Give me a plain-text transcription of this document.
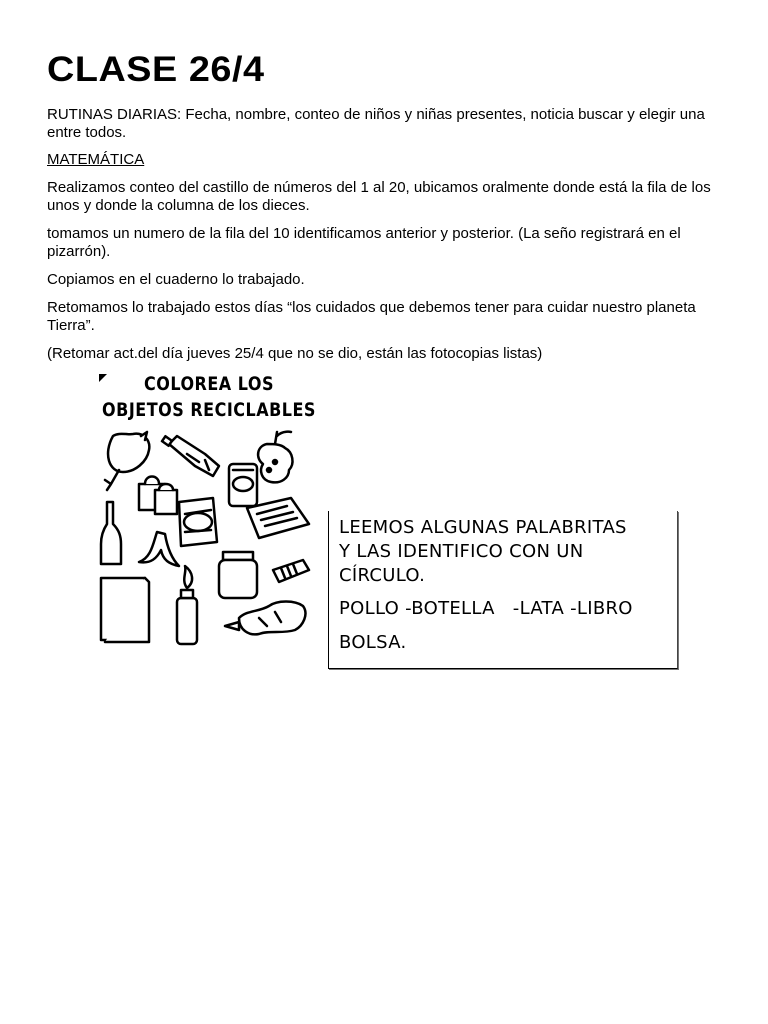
CLASE 26/4

RUTINAS DIARIAS: Fecha, nombre, conteo de niños y niñas presentes, noticia buscar y elegir una entre todos.

MATEMÁTICA

Realizamos conteo del castillo de números del 1 al 20, ubicamos oralmente donde está la fila de los unos y donde la columna de los dieces.

tomamos un numero de la fila del 10 identificamos anterior y posterior. (La seño registrará en el pizarrón).

Copiamos en el cuaderno lo trabajado.

Retomamos lo trabajado estos días “los cuidados que debemos tener para cuidar nuestro planeta Tierra”.

(Retomar act.del día jueves 25/4 que no se dio, están las fotocopias listas)

COLOREA LOS
OBJETOS RECICLABLES

LEEMOS ALGUNAS PALABRITAS

Y LAS IDENTIFICO CON UN

CÍRCULO.

POLLO -BOTELLA   -LATA -LIBRO

BOLSA.
